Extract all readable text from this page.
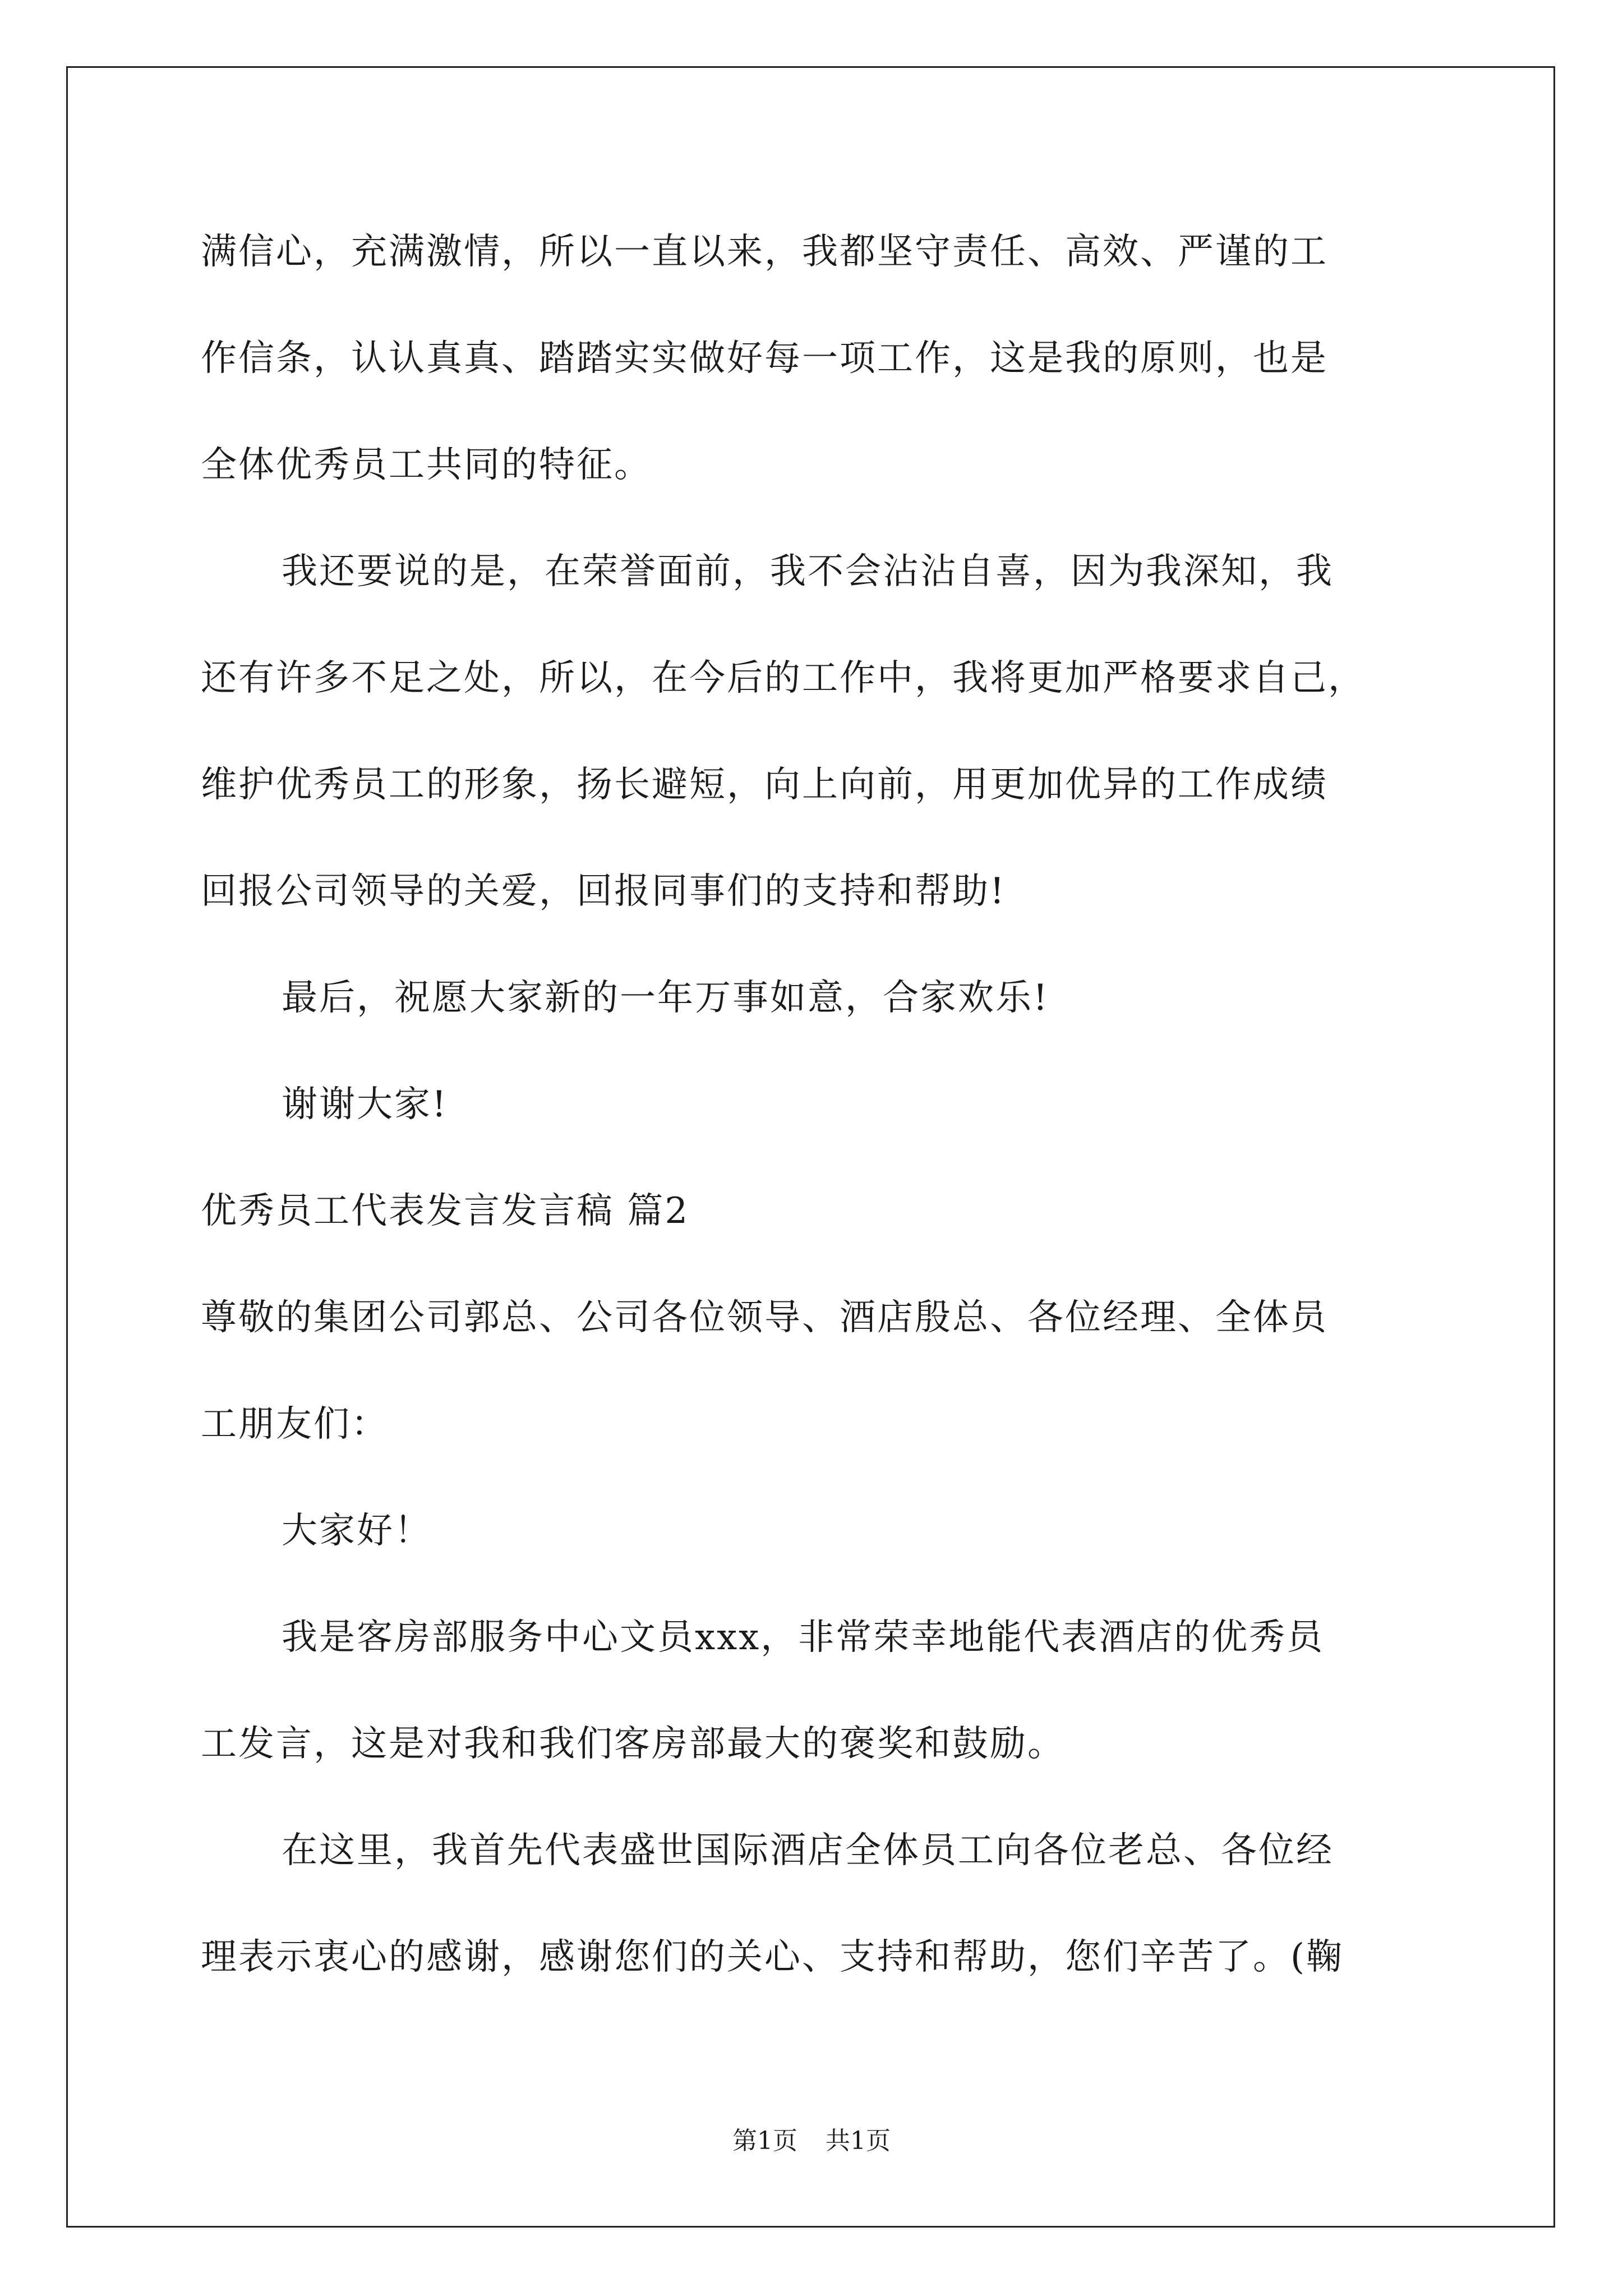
满信心，充满激情，所以一直以来，我都坚守责任、高效、严谨的工
作信条，认认真真、踏踏实实做好每一项工作，这是我的原则，也是
全体优秀员工共同的特征。
我还要说的是，在荣誉面前，我不会沾沾自喜，因为我深知，我
还有许多不足之处，所以，在今后的工作中，我将更加严格要求自己，
维护优秀员工的形象，扬长避短，向上向前，用更加优异的工作成绩
回报公司领导的关爱，回报同事们的支持和帮助!
最后，祝愿大家新的一年万事如意，合家欢乐!
谢谢大家!
优秀员工代表发言发言稿 篇2
尊敬的集团公司郭总、公司各位领导、酒店殷总、各位经理、全体员
工朋友们：
大家好！
我是客房部服务中心文员xxx，非常荣幸地能代表酒店的优秀员
工发言，这是对我和我们客房部最大的褒奖和鼓励。
在这里，我首先代表盛世国际酒店全体员工向各位老总、各位经
理表示衷心的感谢，感谢您们的关心、支持和帮助，您们辛苦了。(鞠
第1页 共1页
